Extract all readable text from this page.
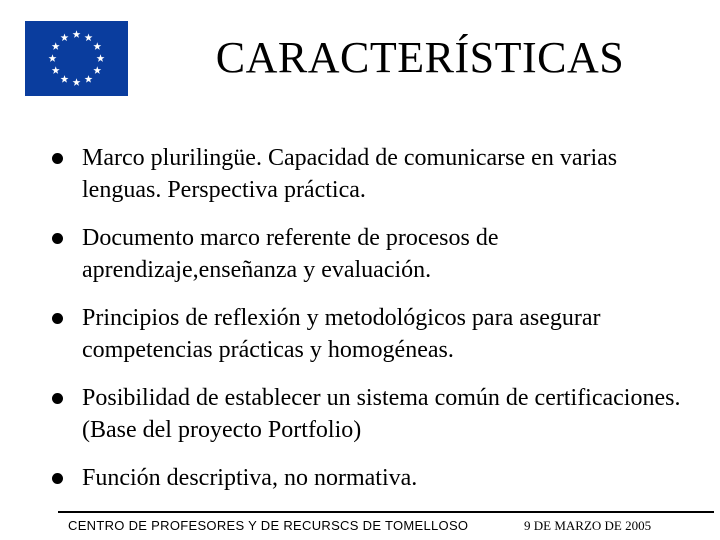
CARACTERÍSTICAS
Marco plurilingüe. Capacidad de comunicarse en varias lenguas. Perspectiva práctica.
Documento marco referente de procesos de aprendizaje,enseñanza y evaluación.
Principios de reflexión y metodológicos para asegurar competencias prácticas y homogéneas.
Posibilidad de establecer un sistema común de certificaciones. (Base del proyecto Portfolio)
Función descriptiva, no normativa.
CENTRO DE PROFESORES Y DE RECURSCS DE TOMELLOSO	9 DE MARZO DE 2005
